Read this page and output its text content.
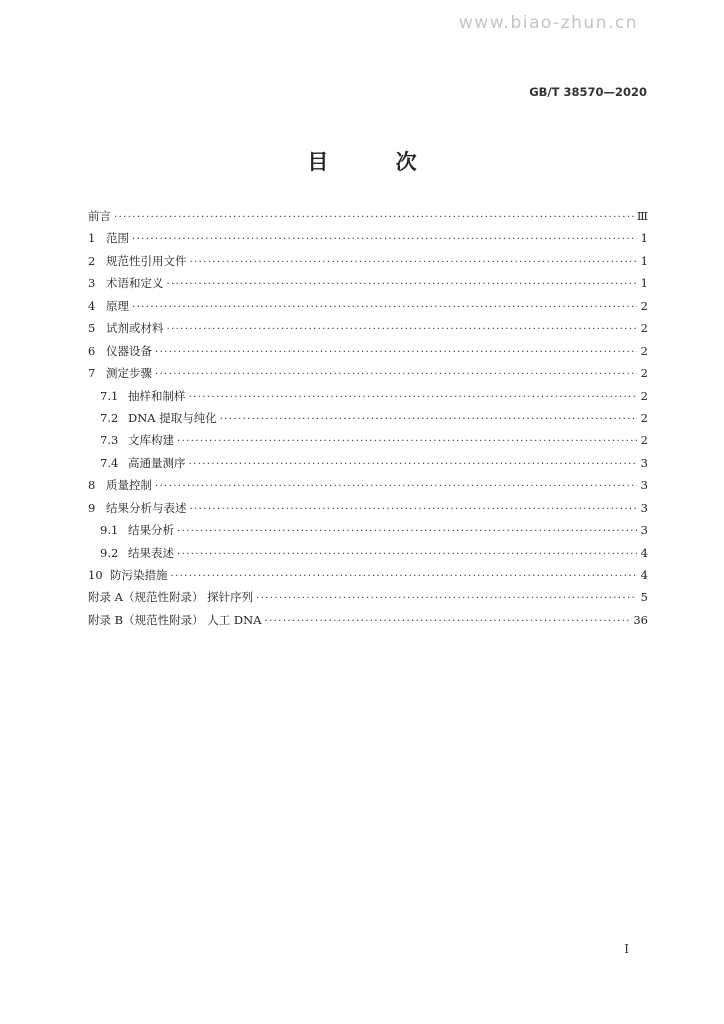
www.biao-zhun.cn
GB/T 38570—2020
目 次
前言 ·····	Ⅲ
1 范围 ·····	1
2 规范性引用文件 ·····	1
3 术语和定义 ·····	1
4 原理 ·····	2
5 试剂或材料 ·····	2
6 仪器设备 ·····	2
7 测定步骤 ·····	2
7.1 抽样和制样 ·····	2
7.2 DNA 提取与纯化 ·····	2
7.3 文库构建 ·····	2
7.4 高通量测序 ·····	3
8 质量控制 ·····	3
9 结果分析与表述 ·····	3
9.1 结果分析 ·····	3
9.2 结果表述 ·····	4
10 防污染措施 ·····	4
附录 A（规范性附录） 探针序列 ·····	5
附录 B（规范性附录） 人工 DNA ·····	36
Ⅰ
